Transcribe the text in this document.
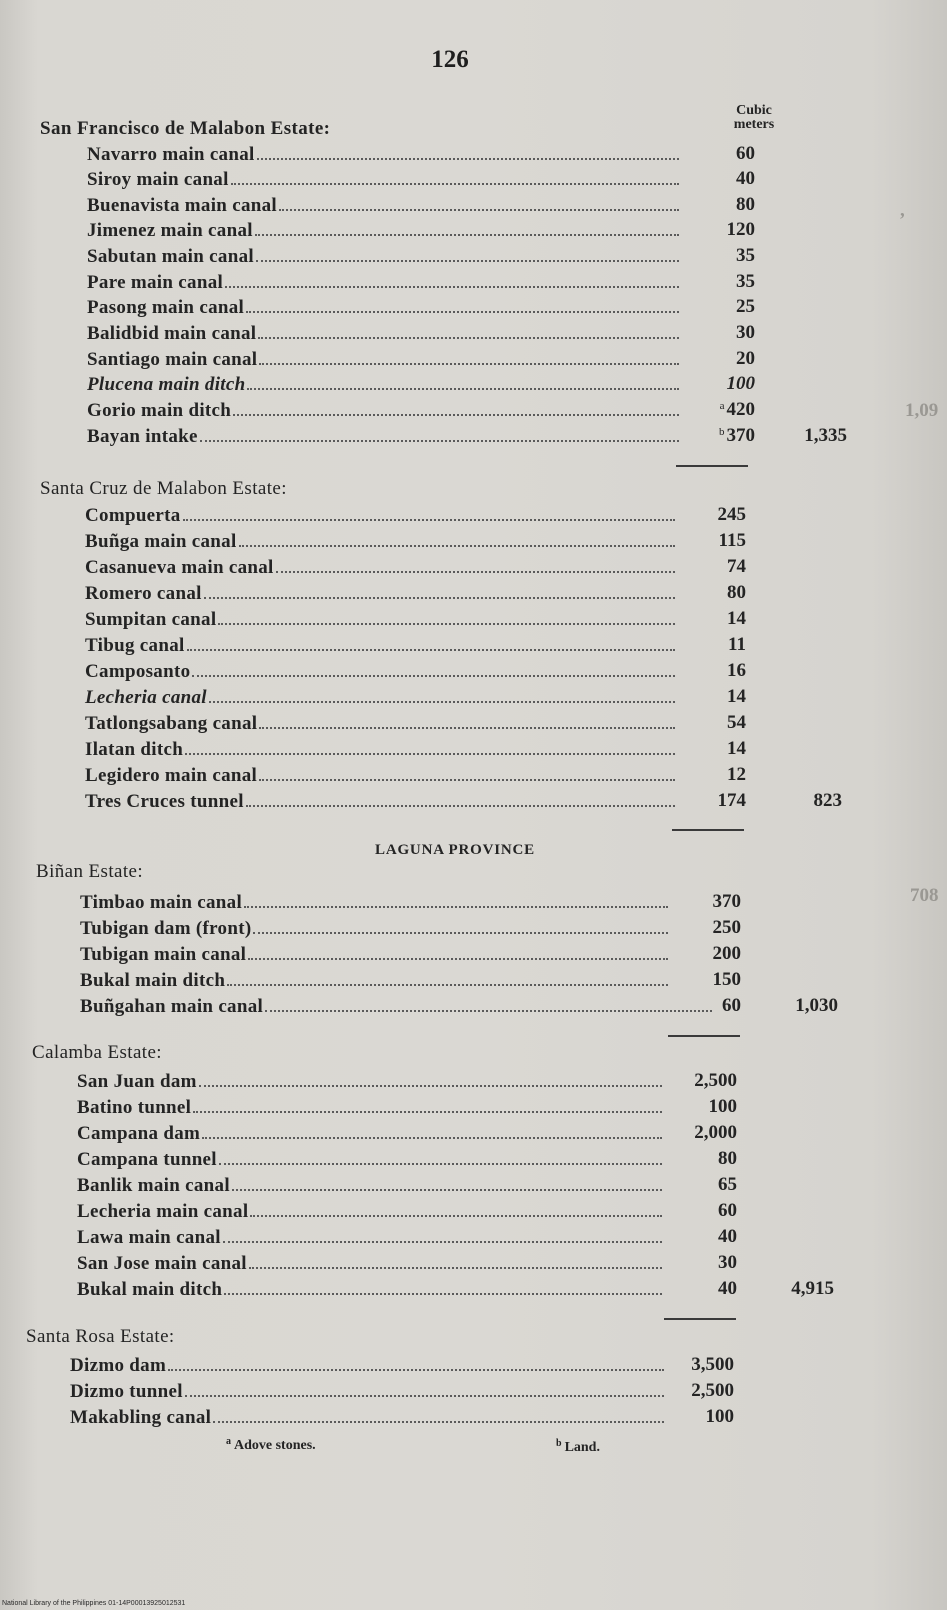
,
1,09
708
126
Cubic
meters
San Francisco de Malabon Estate:
Navarro main canal	60
Siroy main canal	40
Buenavista main canal	80
Jimenez main canal	120
Sabutan main canal	35
Pare main canal	35
Pasong main canal	25
Balidbid main canal	30
Santiago main canal	20
Plucena main ditch	100
Gorio main ditch	$^a$ 420
Bayan intake	$^b$ 370	1,335
Santa Cruz de Malabon Estate:
Compuerta	245
Buñga main canal	115
Casanueva main canal	74
Romero canal	80
Sumpitan canal	14
Tibug canal	11
Camposanto	16
Lecheria canal	14
Tatlongsabang canal	54
Ilatan ditch	14
Legidero main canal	12
Tres Cruces tunnel	174	823
LAGUNA PROVINCE
Biñan Estate:
Timbao main canal	370
Tubigan dam (front)	250
Tubigan main canal	200
Bukal main ditch	150
Buñgahan main canal	60	1,030
Calamba Estate:
San Juan dam	2,500
Batino tunnel	100
Campana dam	2,000
Campana tunnel	80
Banlik main canal	65
Lecheria main canal	60
Lawa main canal	40
San Jose main canal	30
Bukal main ditch	40	4,915
Santa Rosa Estate:
Dizmo dam	3,500
Dizmo tunnel	2,500
Makabling canal	100
$^a$ Adove stones.	$^b$ Land.
National Library of the Philippines 01-14P00013925012531
